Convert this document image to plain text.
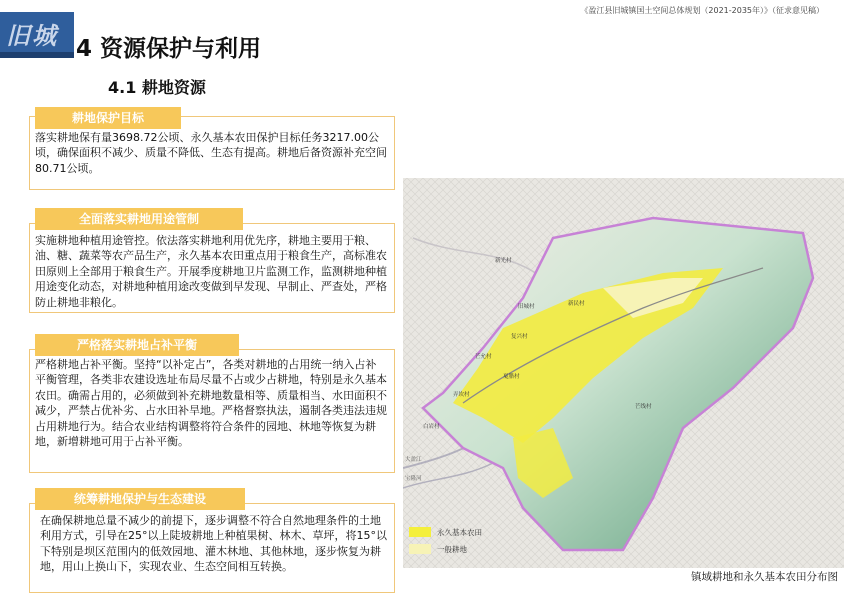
旧城
《盈江县旧城镇国土空间总体规划（2021-2035年）》（征求意见稿）
4 资源保护与利用
4.1 耕地资源
耕地保护目标
落实耕地保有量3698.72公顷、永久基本农田保护目标任务3217.00公顷，确保面积不减少、质量不降低、生态有提高。耕地后备资源补充空间80.71公顷。
全面落实耕地用途管制
实施耕地种植用途管控。依法落实耕地利用优先序，耕地主要用于粮、油、糖、蔬菜等农产品生产，永久基本农田重点用于粮食生产，高标准农田原则上全部用于粮食生产。开展季度耕地卫片监测工作，监测耕地种植用途变化动态，对耕地种植用途改变做到早发现、早制止、严查处，严格防止耕地非粮化。
严格落实耕地占补平衡
严格耕地占补平衡。坚持“以补定占”，各类对耕地的占用统一纳入占补平衡管理，各类非农建设选址布局尽量不占或少占耕地，特别是永久基本农田。确需占用的，必须做到补充耕地数量相等、质量相当、水田面积不减少，严禁占优补劣、占水田补旱地。严格督察执法，遏制各类违法违规占用耕地行为。结合农业结构调整将符合条件的园地、林地等恢复为耕地，新增耕地可用于占补平衡。
统筹耕地保护与生态建设
在确保耕地总量不减少的前提下，逐步调整不符合自然地理条件的土地利用方式，引导在25°以上陡坡耕地上种植果树、林木、草坪，将15°以下特别是坝区范围内的低效园地、灌木林地、其他林地，逐步恢复为耕地，用山上换山下，实现农业、生态空间相互转换。
新光村
新民村
旧城村
复兴村
芒允村
戛腊村
弄坎村
白岩村
芒线村
大盈江
宝隆河
永久基本农田
一般耕地
镇域耕地和永久基本农田分布图
